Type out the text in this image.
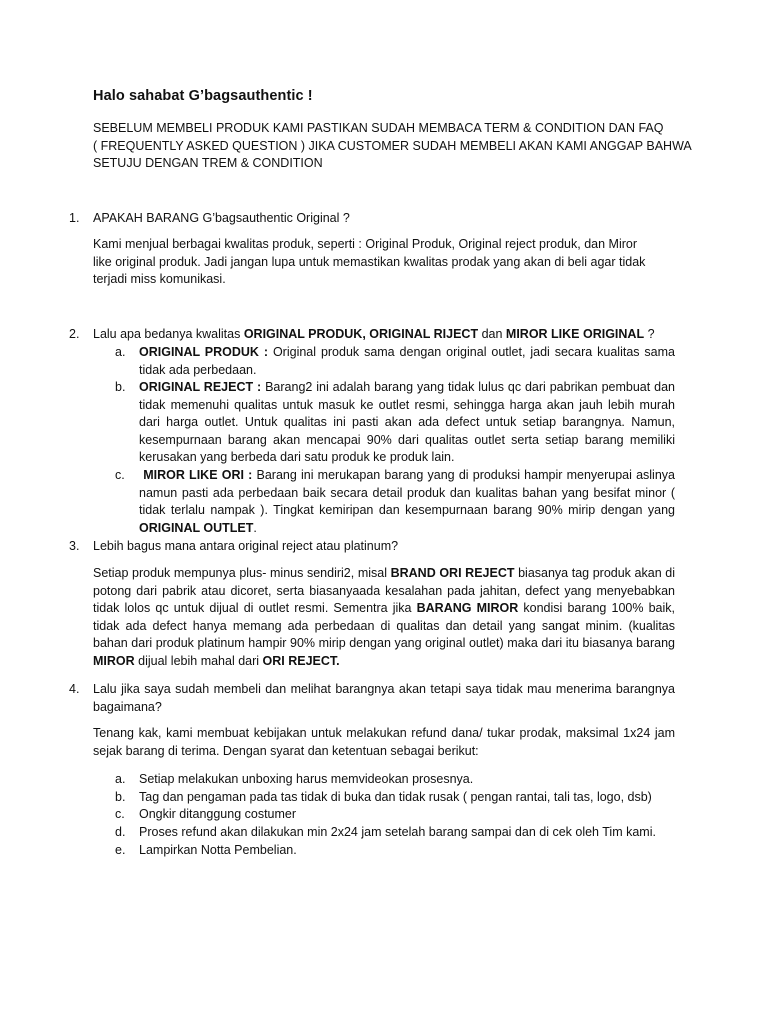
Halo sahabat G’bagsauthentic !
SEBELUM MEMBELI PRODUK KAMI PASTIKAN SUDAH MEMBACA TERM & CONDITION DAN FAQ
( FREQUENTLY ASKED QUESTION ) JIKA CUSTOMER SUDAH MEMBELI AKAN KAMI ANGGAP BAHWA
SETUJU DENGAN TREM & CONDITION
1. APAKAH BARANG G’bagsauthentic Original ?
Kami menjual berbagai kwalitas produk, seperti : Original Produk, Original reject produk, dan Miror
like original produk. Jadi jangan lupa untuk memastikan kwalitas prodak yang akan di beli agar tidak
terjadi miss komunikasi.
2. Lalu apa bedanya kwalitas ORIGINAL PRODUK, ORIGINAL RIJECT dan MIROR LIKE ORIGINAL ?
a. ORIGINAL PRODUK : Original produk sama dengan original outlet, jadi secara kualitas sama tidak ada perbedaan.
b. ORIGINAL REJECT : Barang2 ini adalah barang yang tidak lulus qc dari pabrikan pembuat dan tidak memenuhi qualitas untuk masuk ke outlet resmi, sehingga harga akan jauh lebih murah dari harga outlet. Untuk qualitas ini pasti akan ada defect untuk setiap barangnya. Namun, kesempurnaan barang akan mencapai 90% dari qualitas outlet serta setiap barang memiliki kerusakan yang berbeda dari satu produk ke produk lain.
c. MIROR LIKE ORI : Barang ini merukapan barang yang di produksi hampir menyerupai aslinya namun pasti ada perbedaan baik secara detail produk dan kualitas bahan yang besifat minor ( tidak terlalu nampak ). Tingkat kemiripan dan kesempurnaan barang 90% mirip dengan yang ORIGINAL OUTLET.
3. Lebih bagus mana antara original reject atau platinum?
Setiap produk mempunya plus- minus sendiri2, misal BRAND ORI REJECT biasanya tag produk akan di potong dari pabrik atau dicoret, serta biasanyaada kesalahan pada jahitan, defect yang menyebabkan tidak lolos qc untuk dijual di outlet resmi. Sementra jika BARANG MIROR kondisi barang 100% baik, tidak ada defect hanya memang ada perbedaan di qualitas dan detail yang sangat minim. (kualitas bahan dari produk platinum hampir 90% mirip dengan yang original outlet) maka dari itu biasanya barang MIROR dijual lebih mahal dari ORI REJECT.
4. Lalu jika saya sudah membeli dan melihat barangnya akan tetapi saya tidak mau menerima barangnya bagaimana?
Tenang kak, kami membuat kebijakan untuk melakukan refund dana/ tukar prodak, maksimal 1x24 jam sejak barang di terima. Dengan syarat dan ketentuan sebagai berikut:
a. Setiap melakukan unboxing harus memvideokan prosesnya.
b. Tag dan pengaman pada tas tidak di buka dan tidak rusak ( pengan rantai, tali tas, logo, dsb)
c. Ongkir ditanggung costumer
d. Proses refund akan dilakukan min 2x24 jam setelah barang sampai dan di cek oleh Tim kami.
e. Lampirkan Notta Pembelian.
